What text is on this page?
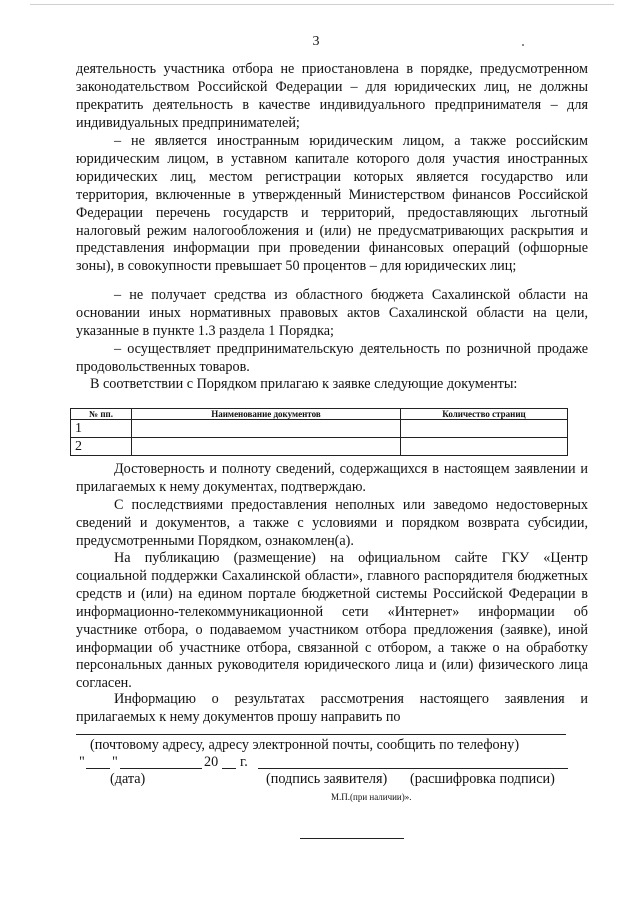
3

деятельность участника отбора не приостановлена в порядке, предусмотренном законодательством Российской Федерации – для юридических лиц, не должны прекратить деятельность в качестве индивидуального предпринимателя – для индивидуальных предпринимателей;

– не является иностранным юридическим лицом, а также российским юридическим лицом, в уставном капитале которого доля участия иностранных юридических лиц, местом регистрации которых является государство или территория, включенные в утвержденный Министерством финансов Российской Федерации перечень государств и территорий, предоставляющих льготный налоговый режим налогообложения и (или) не предусматривающих раскрытия и представления информации при проведении финансовых операций (офшорные зоны), в совокупности превышает 50 процентов – для юридических лиц;

– не получает средства из областного бюджета Сахалинской области на основании иных нормативных правовых актов Сахалинской области на цели, указанные в пункте 1.3 раздела 1 Порядка;

– осуществляет предпринимательскую деятельность по розничной продаже продовольственных товаров.

В соответствии с Порядком прилагаю к заявке следующие документы:

№ пп.	Наименование документов	Количество страниц
1		
2		

Достоверность и полноту сведений, содержащихся в настоящем заявлении и прилагаемых к нему документах, подтверждаю.

С последствиями предоставления неполных или заведомо недостоверных сведений и документов, а также с условиями и порядком возврата субсидии, предусмотренными Порядком, ознакомлен(а).

На публикацию (размещение) на официальном сайте ГКУ «Центр социальной поддержки Сахалинской области», главного распорядителя бюджетных средств и (или) на едином портале бюджетной системы Российской Федерации в информационно-телекоммуникационной сети «Интернет» информации об участнике отбора, о подаваемом участником отбора предложения (заявке), иной информации об участнике отбора, связанной с отбором, а также о на обработку персональных данных руководителя юридического лица и (или) физического лица согласен.

Информацию о результатах рассмотрения настоящего заявления и прилагаемых к нему документов прошу направить по

(почтовому адресу, адресу электронной почты, сообщить по телефону)

" "	20 г.
(дата)	(подпись заявителя) (расшифровка подписи)
М.П.(при наличии)».
